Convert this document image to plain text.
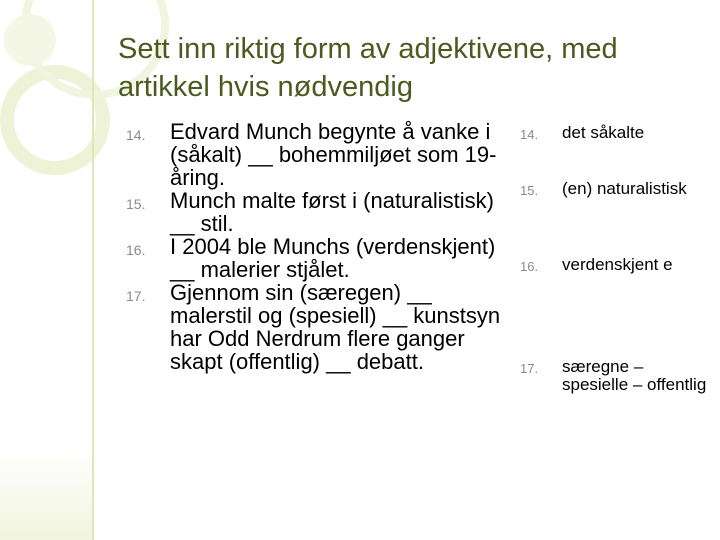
Sett inn riktig form av adjektivene, med artikkel hvis nødvendig
14.	Edvard Munch begynte å vanke i (såkalt) __ bohemmiljøet som 19-åring.
15.	Munch malte først i (naturalistisk) __ stil.
16.	I 2004 ble Munchs (verdenskjent) __ malerier stjålet.
17.	Gjennom sin (særegen) __ malerstil og (spesiell) __ kunstsyn har Odd Nerdrum flere ganger skapt (offentlig) __ debatt.
14.	det såkalte
15.	(en) naturalistisk
16.	verdenskjent e
17.	særegne – spesielle – offentlig
